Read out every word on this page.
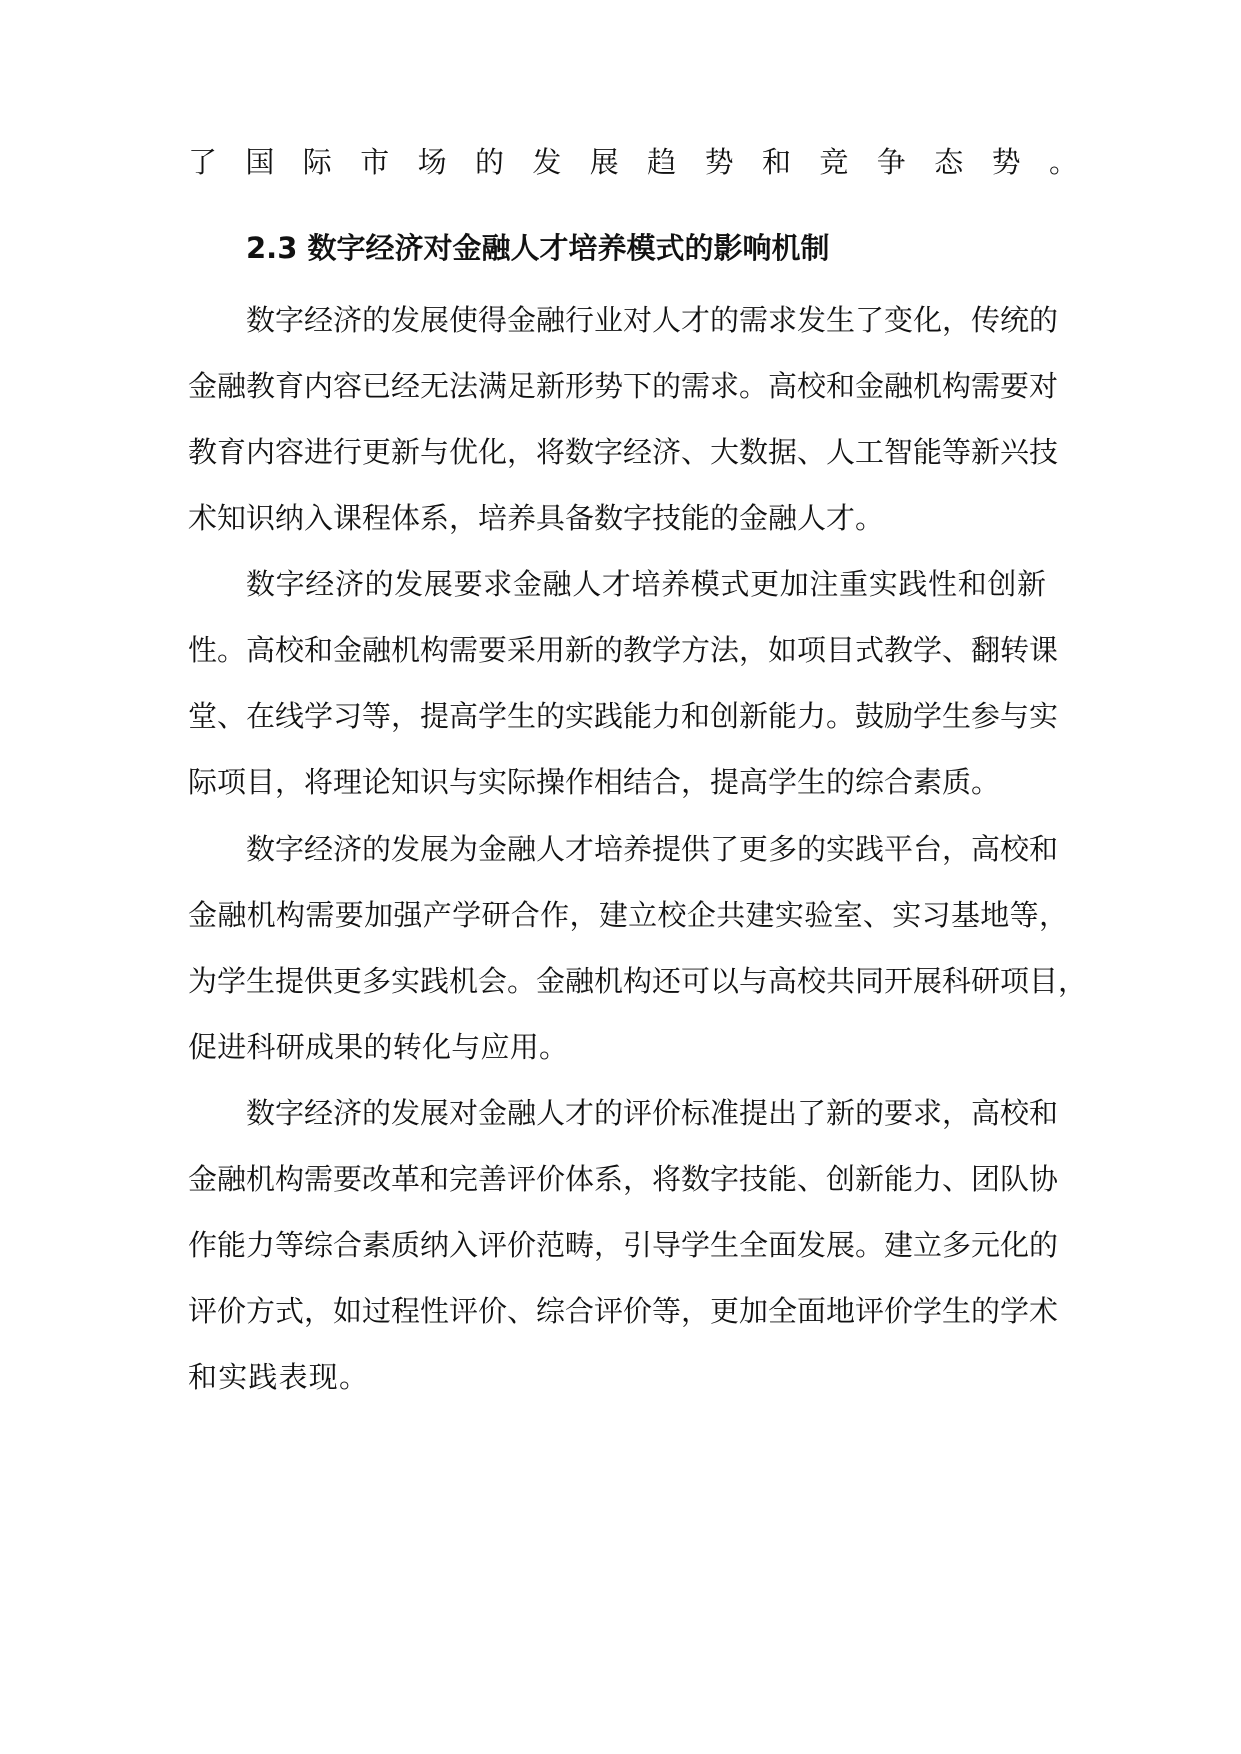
了国际市场的发展趋势和竞争态势。
2.3 数字经济对金融人才培养模式的影响机制
数字经济的发展使得金融行业对人才的需求发生了变化，传统的
金融教育内容已经无法满足新形势下的需求。高校和金融机构需要对
教育内容进行更新与优化，将数字经济、大数据、人工智能等新兴技
术知识纳入课程体系，培养具备数字技能的金融人才。
数字经济的发展要求金融人才培养模式更加注重实践性和创新
性。高校和金融机构需要采用新的教学方法，如项目式教学、翻转课
堂、在线学习等，提高学生的实践能力和创新能力。鼓励学生参与实
际项目，将理论知识与实际操作相结合，提高学生的综合素质。
数字经济的发展为金融人才培养提供了更多的实践平台，高校和
金融机构需要加强产学研合作，建立校企共建实验室、实习基地等，
为学生提供更多实践机会。金融机构还可以与高校共同开展科研项目，
促进科研成果的转化与应用。
数字经济的发展对金融人才的评价标准提出了新的要求，高校和
金融机构需要改革和完善评价体系，将数字技能、创新能力、团队协
作能力等综合素质纳入评价范畴，引导学生全面发展。建立多元化的
评价方式，如过程性评价、综合评价等，更加全面地评价学生的学术
和实践表现。
